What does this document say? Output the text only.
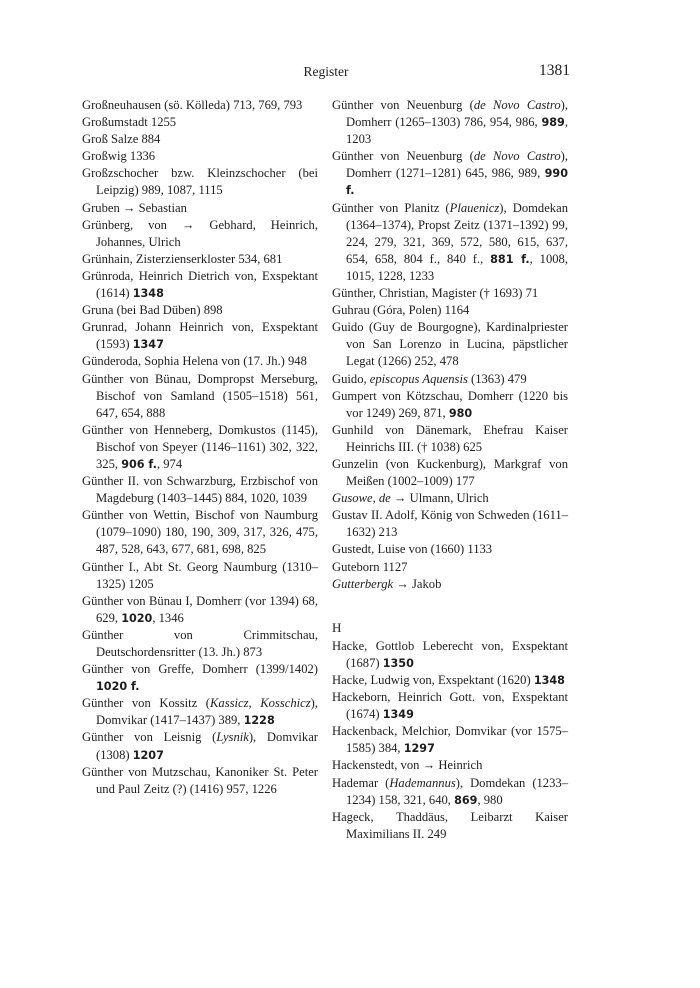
Register	1381

Großneuhausen (sö. Kölleda) 713, 769, 793

Großumstadt 1255

Groß Salze 884

Großwig 1336

Großzschocher bzw. Kleinzschocher (bei Leipzig) 989, 1087, 1115

Gruben → Sebastian

Grünberg, von → Gebhard, Heinrich, Johannes, Ulrich

Grünhain, Zisterzienserkloster 534, 681

Grünroda, Heinrich Dietrich von, Exspektant (1614) 1348

Gruna (bei Bad Düben) 898

Grunrad, Johann Heinrich von, Exspektant (1593) 1347

Günderoda, Sophia Helena von (17. Jh.) 948

Günther von Bünau, Dompropst Merseburg, Bischof von Samland (1505–1518) 561, 647, 654, 888

Günther von Henneberg, Domkustos (1145), Bischof von Speyer (1146–1161) 302, 322, 325, 906 f., 974

Günther II. von Schwarzburg, Erzbischof von Magdeburg (1403–1445) 884, 1020, 1039

Günther von Wettin, Bischof von Naumburg (1079–1090) 180, 190, 309, 317, 326, 475, 487, 528, 643, 677, 681, 698, 825

Günther I., Abt St. Georg Naumburg (1310–1325) 1205

Günther von Bünau I, Domherr (vor 1394) 68, 629, 1020, 1346

Günther von Crimmitschau, Deutschordensritter (13. Jh.) 873

Günther von Greffe, Domherr (1399/1402) 1020 f.

Günther von Kossitz (Kassicz, Kosschicz), Domvikar (1417–1437) 389, 1228

Günther von Leisnig (Lysnik), Domvikar (1308) 1207

Günther von Mutzschau, Kanoniker St. Peter und Paul Zeitz (?) (1416) 957, 1226

Günther von Neuenburg (de Novo Castro), Domherr (1265–1303) 786, 954, 986, 989, 1203

Günther von Neuenburg (de Novo Castro), Domherr (1271–1281) 645, 986, 989, 990 f.

Günther von Planitz (Plauenicz), Domdekan (1364–1374), Propst Zeitz (1371–1392) 99, 224, 279, 321, 369, 572, 580, 615, 637, 654, 658, 804 f., 840 f., 881 f., 1008, 1015, 1228, 1233

Günther, Christian, Magister († 1693) 71

Guhrau (Góra, Polen) 1164

Guido (Guy de Bourgogne), Kardinalpriester von San Lorenzo in Lucina, päpstlicher Legat (1266) 252, 478

Guido, episcopus Aquensis (1363) 479

Gumpert von Kötzschau, Domherr (1220 bis vor 1249) 269, 871, 980

Gunhild von Dänemark, Ehefrau Kaiser Heinrichs III. († 1038) 625

Gunzelin (von Kuckenburg), Markgraf von Meißen (1002–1009) 177

Gusowe, de → Ulmann, Ulrich

Gustav II. Adolf, König von Schweden (1611–1632) 213

Gustedt, Luise von (1660) 1133

Guteborn 1127

Gutterbergk → Jakob

H

Hacke, Gottlob Leberecht von, Exspektant (1687) 1350

Hacke, Ludwig von, Exspektant (1620) 1348

Hackeborn, Heinrich Gott. von, Exspektant (1674) 1349

Hackenback, Melchior, Domvikar (vor 1575–1585) 384, 1297

Hackenstedt, von → Heinrich

Hademar (Hademannus), Domdekan (1233–1234) 158, 321, 640, 869, 980

Hageck, Thaddäus, Leibarzt Kaiser Maximilians II. 249
